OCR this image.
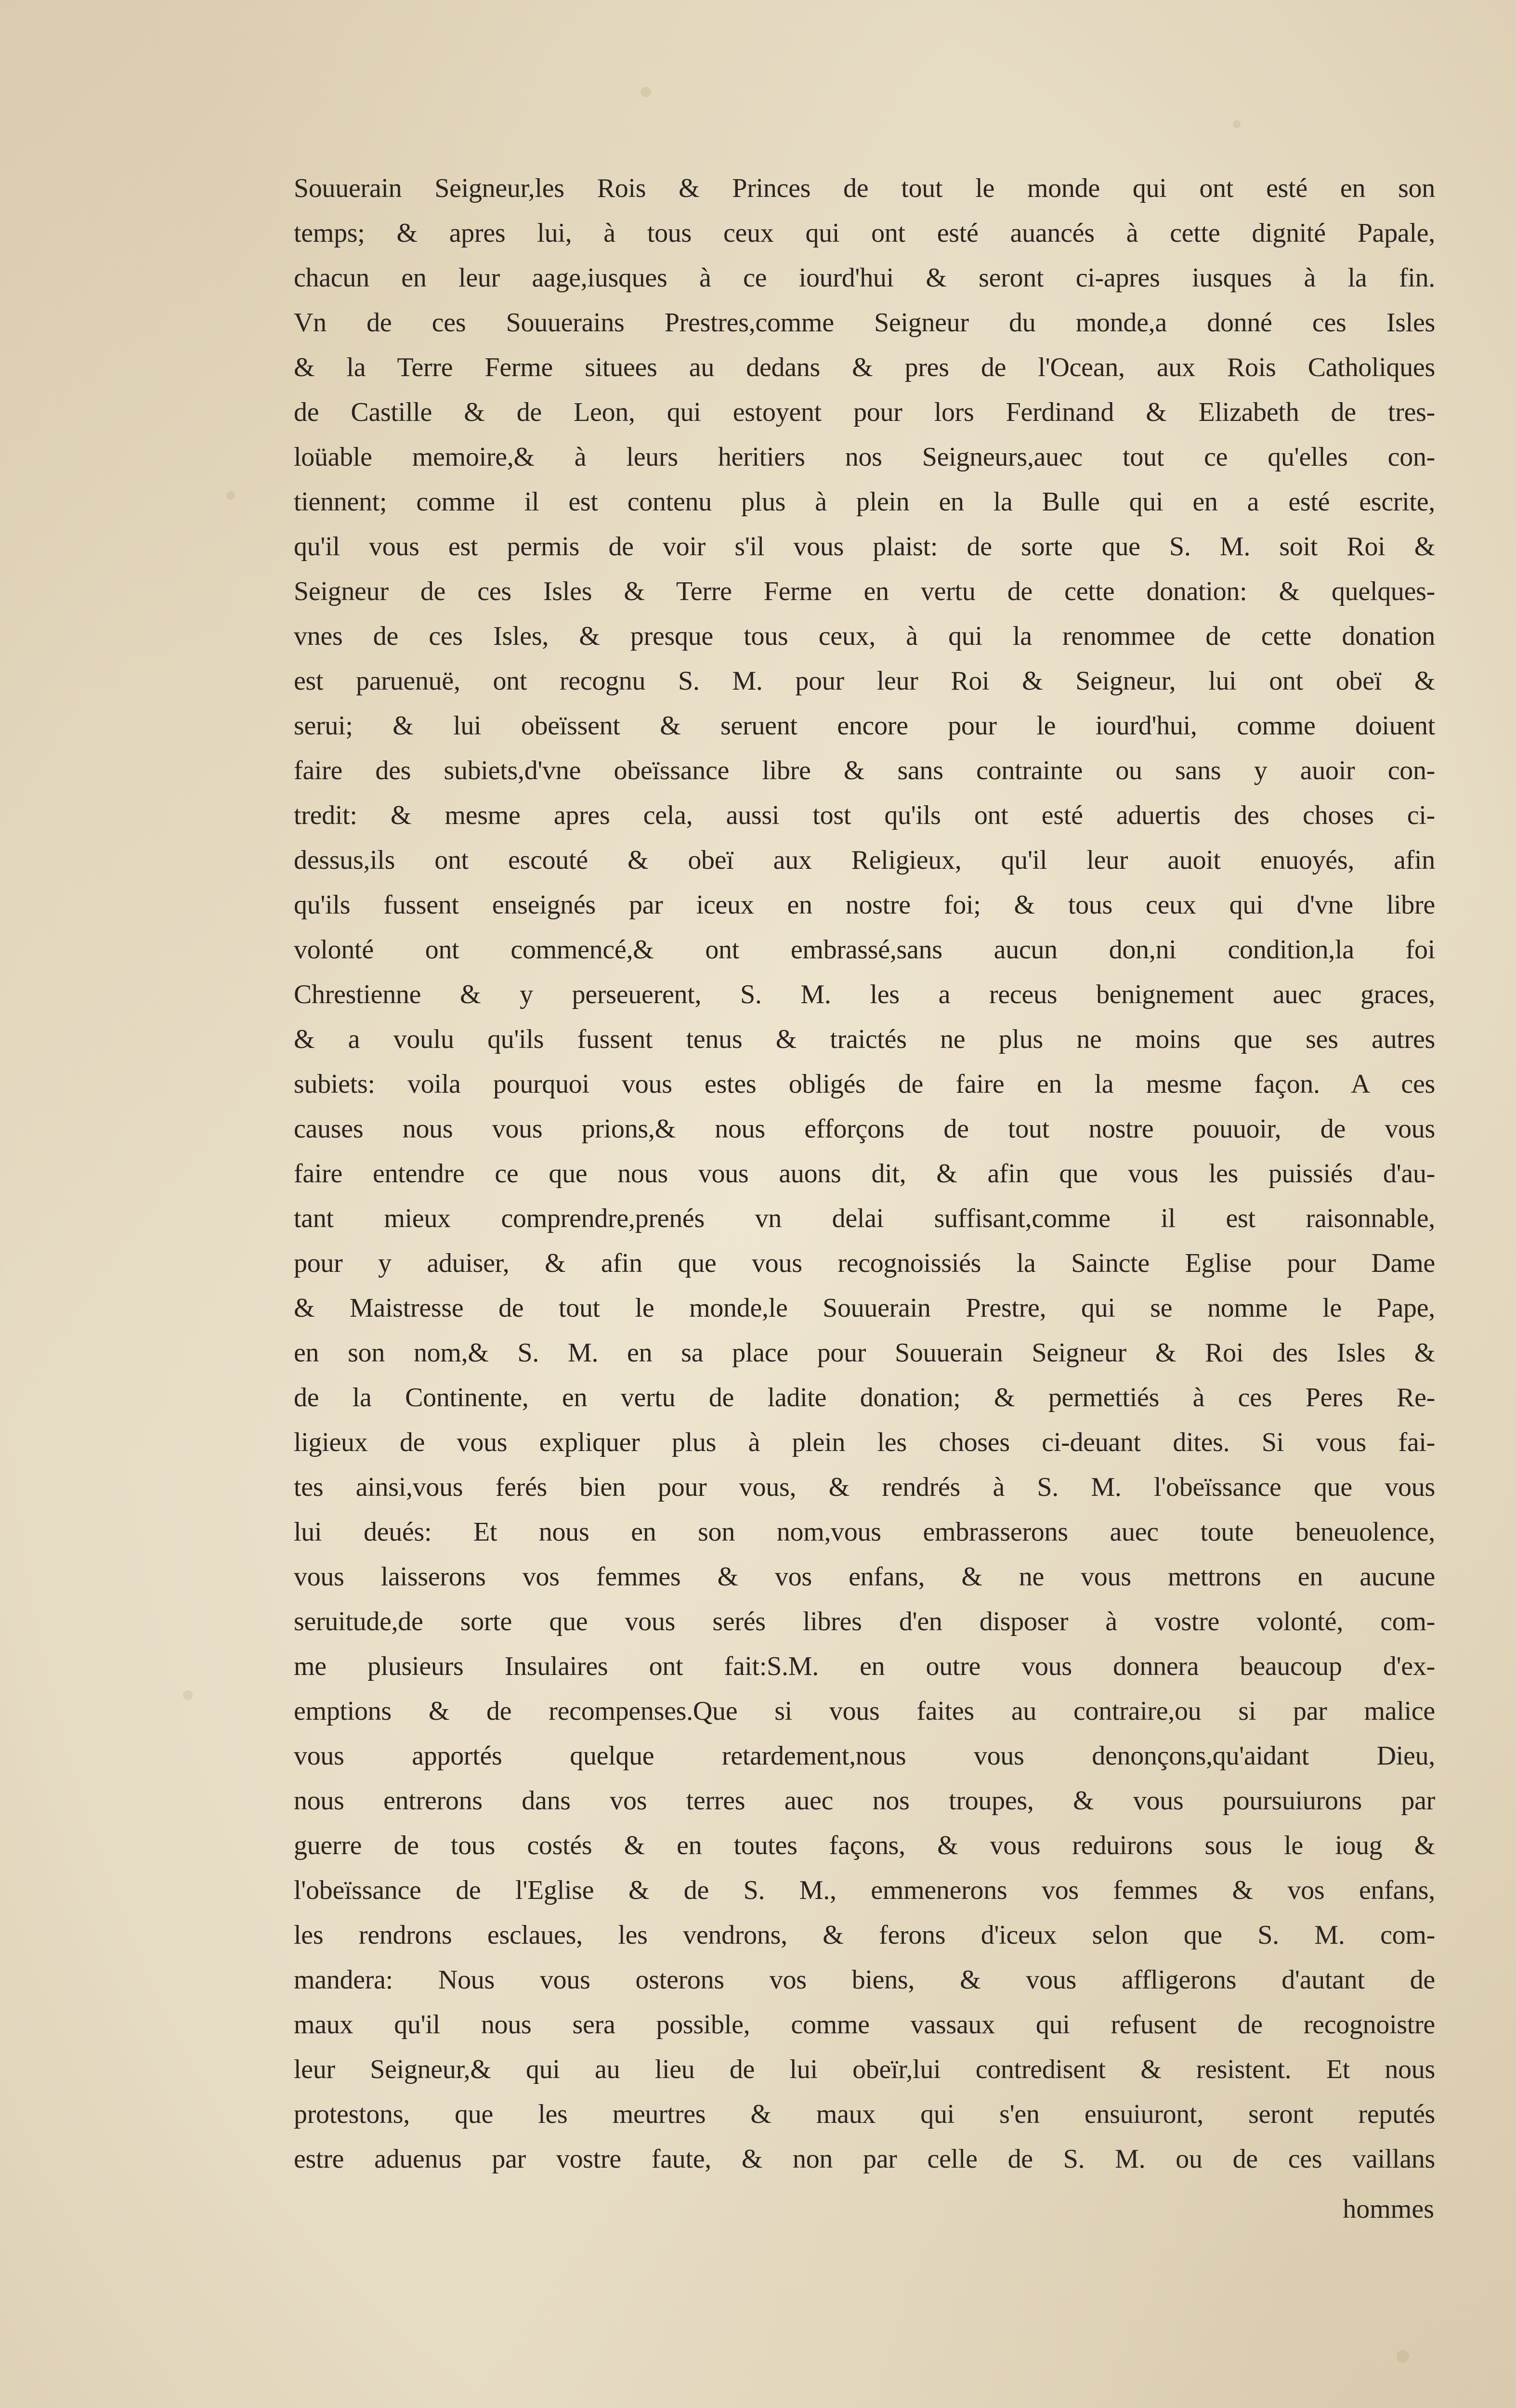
Souuerain Seigneur,les Rois & Princes de tout le monde qui ont esté en son
temps; & apres lui, à tous ceux qui ont esté auancés à cette dignité Papale,
chacun en leur aage,iusques à ce iourd'hui & seront ci-apres iusques à la fin.
Vn de ces Souuerains Prestres,comme Seigneur du monde,a donné ces Isles
& la Terre Ferme situees au dedans & pres de l'Ocean, aux Rois Catholiques
de Castille & de Leon, qui estoyent pour lors Ferdinand & Elizabeth de tres-
loüable memoire,& à leurs heritiers nos Seigneurs,auec tout ce qu'elles con-
tiennent; comme il est contenu plus à plein en la Bulle qui en a esté escrite,
qu'il vous est permis de voir s'il vous plaist: de sorte que S. M. soit Roi &
Seigneur de ces Isles & Terre Ferme en vertu de cette donation: & quelques-
vnes de ces Isles, & presque tous ceux, à qui la renommee de cette donation
est paruenuë, ont recognu S. M. pour leur Roi & Seigneur, lui ont obeï &
serui; & lui obeïssent & seruent encore pour le iourd'hui, comme doiuent
faire des subiets,d'vne obeïssance libre & sans contrainte ou sans y auoir con-
tredit: & mesme apres cela, aussi tost qu'ils ont esté aduertis des choses ci-
dessus,ils ont escouté & obeï aux Religieux, qu'il leur auoit enuoyés, afin
qu'ils fussent enseignés par iceux en nostre foi; & tous ceux qui d'vne libre
volonté ont commencé,& ont embrassé,sans aucun don,ni condition,la foi
Chrestienne & y perseuerent, S. M. les a receus benignement auec graces,
& a voulu qu'ils fussent tenus & traictés ne plus ne moins que ses autres
subiets: voila pourquoi vous estes obligés de faire en la mesme façon. A ces
causes nous vous prions,& nous efforçons de tout nostre pouuoir, de vous
faire entendre ce que nous vous auons dit, & afin que vous les puissiés d'au-
tant mieux comprendre,prenés vn delai suffisant,comme il est raisonnable,
pour y aduiser, & afin que vous recognoissiés la Saincte Eglise pour Dame
& Maistresse de tout le monde,le Souuerain Prestre, qui se nomme le Pape,
en son nom,& S. M. en sa place pour Souuerain Seigneur & Roi des Isles &
de la Continente, en vertu de ladite donation; & permettiés à ces Peres Re-
ligieux de vous expliquer plus à plein les choses ci-deuant dites. Si vous fai-
tes ainsi,vous ferés bien pour vous, & rendrés à S. M. l'obeïssance que vous
lui deués: Et nous en son nom,vous embrasserons auec toute beneuolence,
vous laisserons vos femmes & vos enfans, & ne vous mettrons en aucune
seruitude,de sorte que vous serés libres d'en disposer à vostre volonté, com-
me plusieurs Insulaires ont fait:S.M. en outre vous donnera beaucoup d'ex-
emptions & de recompenses.Que si vous faites au contraire,ou si par malice
vous apportés quelque retardement,nous vous denonçons,qu'aidant Dieu,
nous entrerons dans vos terres auec nos troupes, & vous poursuiurons par
guerre de tous costés & en toutes façons, & vous reduirons sous le ioug &
l'obeïssance de l'Eglise & de S. M., emmenerons vos femmes & vos enfans,
les rendrons esclaues, les vendrons, & ferons d'iceux selon que S. M. com-
mandera: Nous vous osterons vos biens, & vous affligerons d'autant de
maux qu'il nous sera possible, comme vassaux qui refusent de recognoistre
leur Seigneur,& qui au lieu de lui obeïr,lui contredisent & resistent. Et nous
protestons, que les meurtres & maux qui s'en ensuiuront, seront reputés
estre aduenus par vostre faute, & non par celle de S. M. ou de ces vaillans
hommes
